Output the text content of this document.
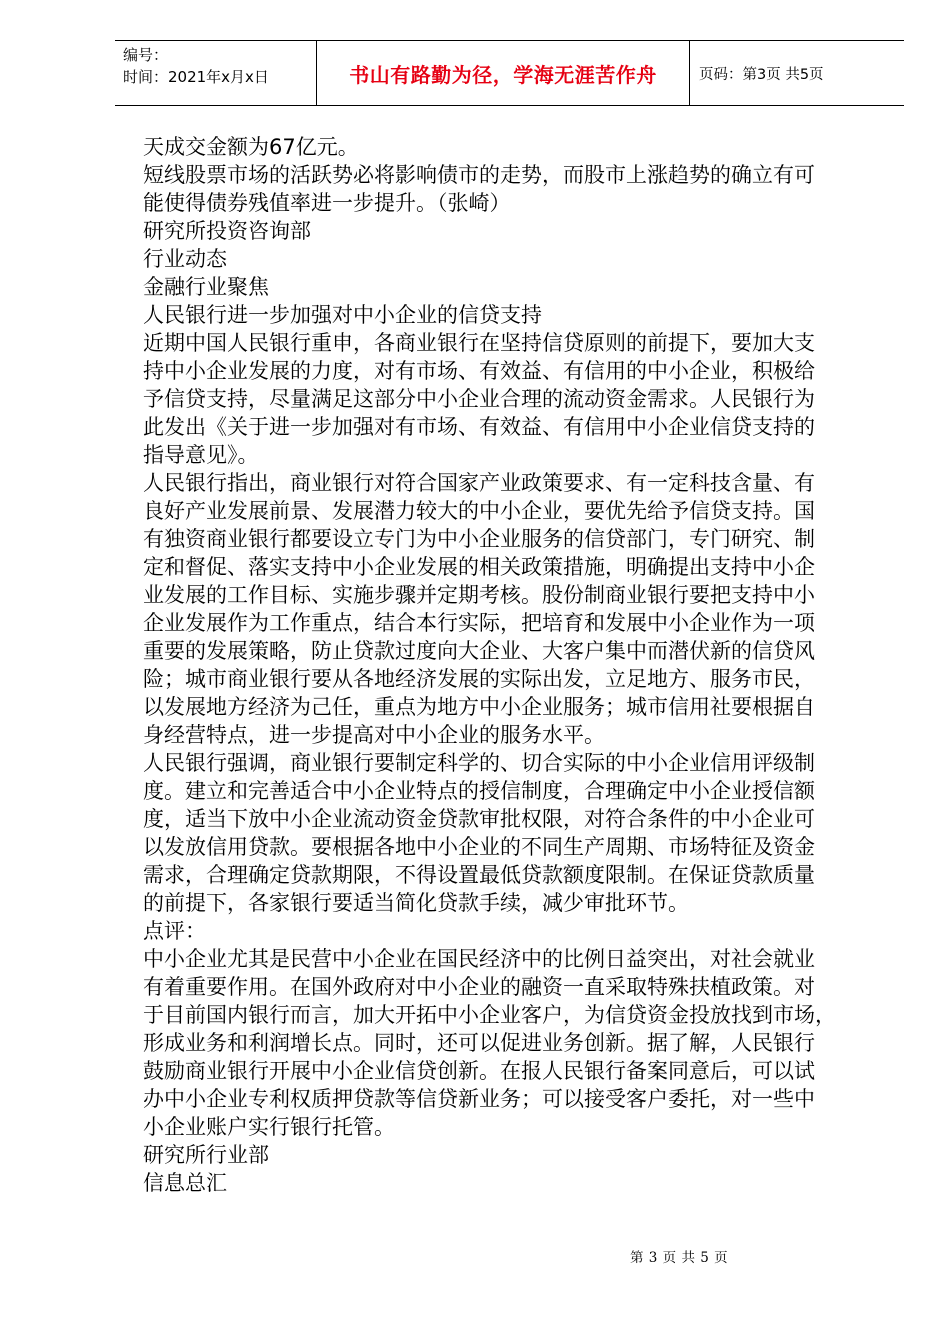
编号：
时间：2021年x月x日	书山有路勤为径，学海无涯苦作舟	页码：第3页 共5页

天成交金额为67亿元。

短线股票市场的活跃势必将影响债市的走势，而股市上涨趋势的确立有可

能使得债券残值率进一步提升。（张崎）

研究所投资咨询部

行业动态

金融行业聚焦

人民银行进一步加强对中小企业的信贷支持

近期中国人民银行重申，各商业银行在坚持信贷原则的前提下，要加大支

持中小企业发展的力度，对有市场、有效益、有信用的中小企业，积极给

予信贷支持，尽量满足这部分中小企业合理的流动资金需求。人民银行为

此发出《关于进一步加强对有市场、有效益、有信用中小企业信贷支持的

指导意见》。

人民银行指出，商业银行对符合国家产业政策要求、有一定科技含量、有

良好产业发展前景、发展潜力较大的中小企业，要优先给予信贷支持。国

有独资商业银行都要设立专门为中小企业服务的信贷部门，专门研究、制

定和督促、落实支持中小企业发展的相关政策措施，明确提出支持中小企

业发展的工作目标、实施步骤并定期考核。股份制商业银行要把支持中小

企业发展作为工作重点，结合本行实际，把培育和发展中小企业作为一项

重要的发展策略，防止贷款过度向大企业、大客户集中而潜伏新的信贷风

险；城市商业银行要从各地经济发展的实际出发，立足地方、服务市民，

以发展地方经济为己任，重点为地方中小企业服务；城市信用社要根据自

身经营特点，进一步提高对中小企业的服务水平。

人民银行强调，商业银行要制定科学的、切合实际的中小企业信用评级制

度。建立和完善适合中小企业特点的授信制度，合理确定中小企业授信额

度，适当下放中小企业流动资金贷款审批权限，对符合条件的中小企业可

以发放信用贷款。要根据各地中小企业的不同生产周期、市场特征及资金

需求，合理确定贷款期限，不得设置最低贷款额度限制。在保证贷款质量

的前提下，各家银行要适当简化贷款手续，减少审批环节。

点评：

中小企业尤其是民营中小企业在国民经济中的比例日益突出，对社会就业

有着重要作用。在国外政府对中小企业的融资一直采取特殊扶植政策。对

于目前国内银行而言，加大开拓中小企业客户，为信贷资金投放找到市场，

形成业务和利润增长点。同时，还可以促进业务创新。据了解，人民银行

鼓励商业银行开展中小企业信贷创新。在报人民银行备案同意后，可以试

办中小企业专利权质押贷款等信贷新业务；可以接受客户委托，对一些中

小企业账户实行银行托管。

研究所行业部

信息总汇

第 3 页 共 5 页
